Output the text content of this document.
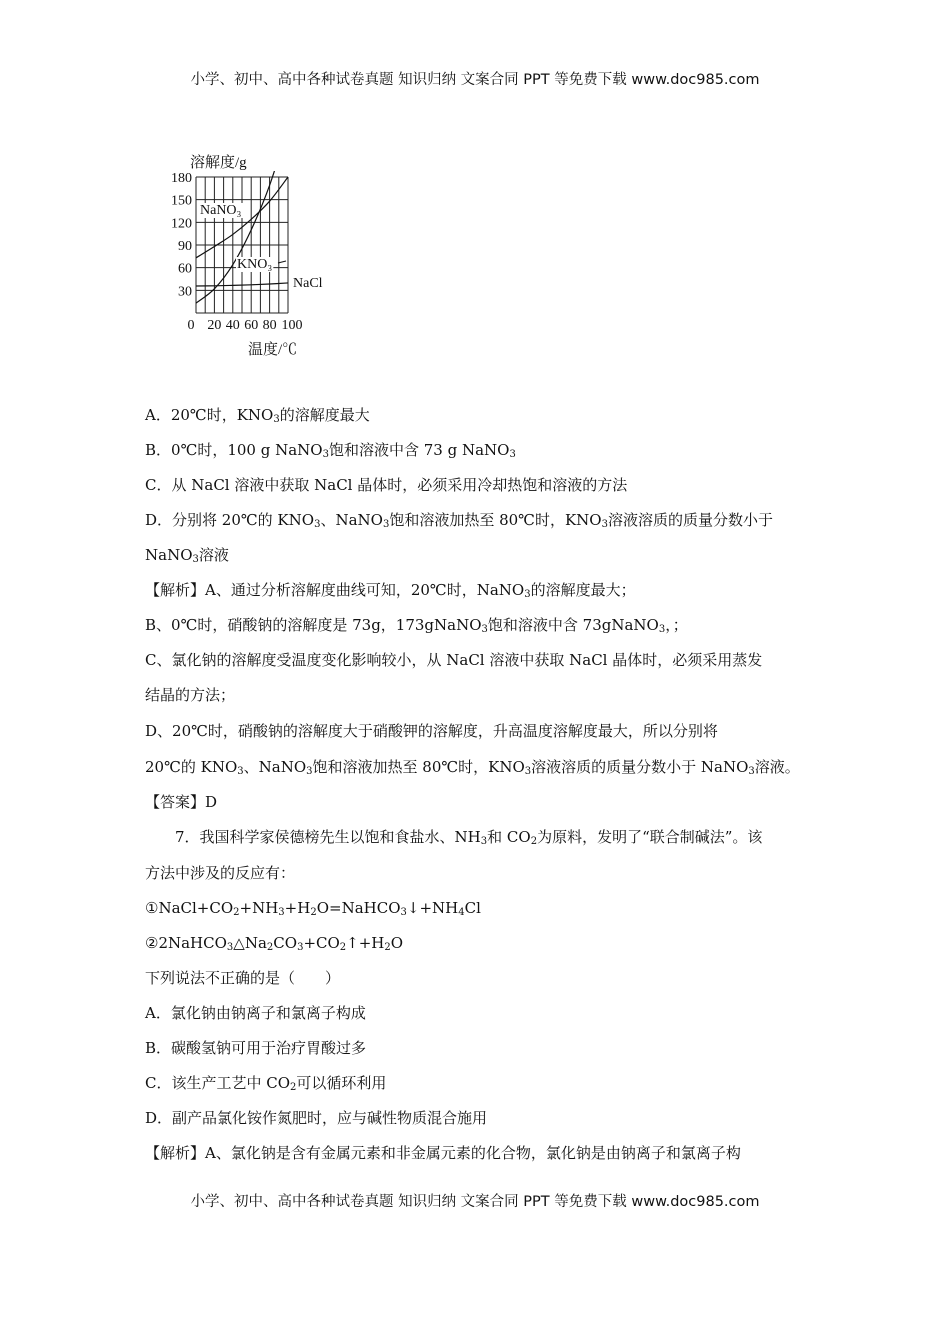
小学、初中、高中各种试卷真题 知识归纳 文案合同 PPT 等免费下载 www.doc985.com
30
60
90
120
150
180
0 20 40 60 80 100
溶解度/g
温度/℃
NaNO₃
KNO₃
NaCl
A．20℃时，$KNO_3$的溶解度最大
B．0℃时，100 g NaNO$_3$饱和溶液中含 73 g NaNO$_3$
C．从 NaCl 溶液中获取 NaCl 晶体时，必须采用冷却热饱和溶液的方法
D．分别将 20℃的 $KNO_3$、NaNO$_3$饱和溶液加热至 80℃时，$KNO_3$溶液溶质的质量分数小于
NaNO$_3$溶液
【解析】A、通过分析溶解度曲线可知，20℃时，NaNO$_3$的溶解度最大；
B、0℃时，硝酸钠的溶解度是 73g，173gNaNO$_3$饱和溶液中含 73gNaNO$_3$，；
C、氯化钠的溶解度受温度变化影响较小，从 NaCl 溶液中获取 NaCl 晶体时，必须采用蒸发
结晶的方法；
D、20℃时，硝酸钠的溶解度大于硝酸钾的溶解度，升高温度溶解度最大，所以分别将
20℃的 $KNO_3$、NaNO$_3$饱和溶液加热至 80℃时，$KNO_3$溶液溶质的质量分数小于 NaNO$_3$溶液。
【答案】D
7．我国科学家侯德榜先生以饱和食盐水、$NH_3$和 $CO_2$为原料，发明了“联合制碱法”。该
方法中涉及的反应有：
$①NaCl+CO_2+NH_3+H_2O=NaHCO_3↓+NH_4Cl$
$②2NaHCO_3\triangle Na_2CO_3+CO_2↑+H_2O$
下列说法不正确的是（　　）
A．氯化钠由钠离子和氯离子构成
B．碳酸氢钠可用于治疗胃酸过多
C．该生产工艺中 $CO_2$可以循环利用
D．副产品氯化铵作氮肥时，应与碱性物质混合施用
【解析】A、氯化钠是含有金属元素和非金属元素的化合物，氯化钠是由钠离子和氯离子构
小学、初中、高中各种试卷真题 知识归纳 文案合同 PPT 等免费下载 www.doc985.com
